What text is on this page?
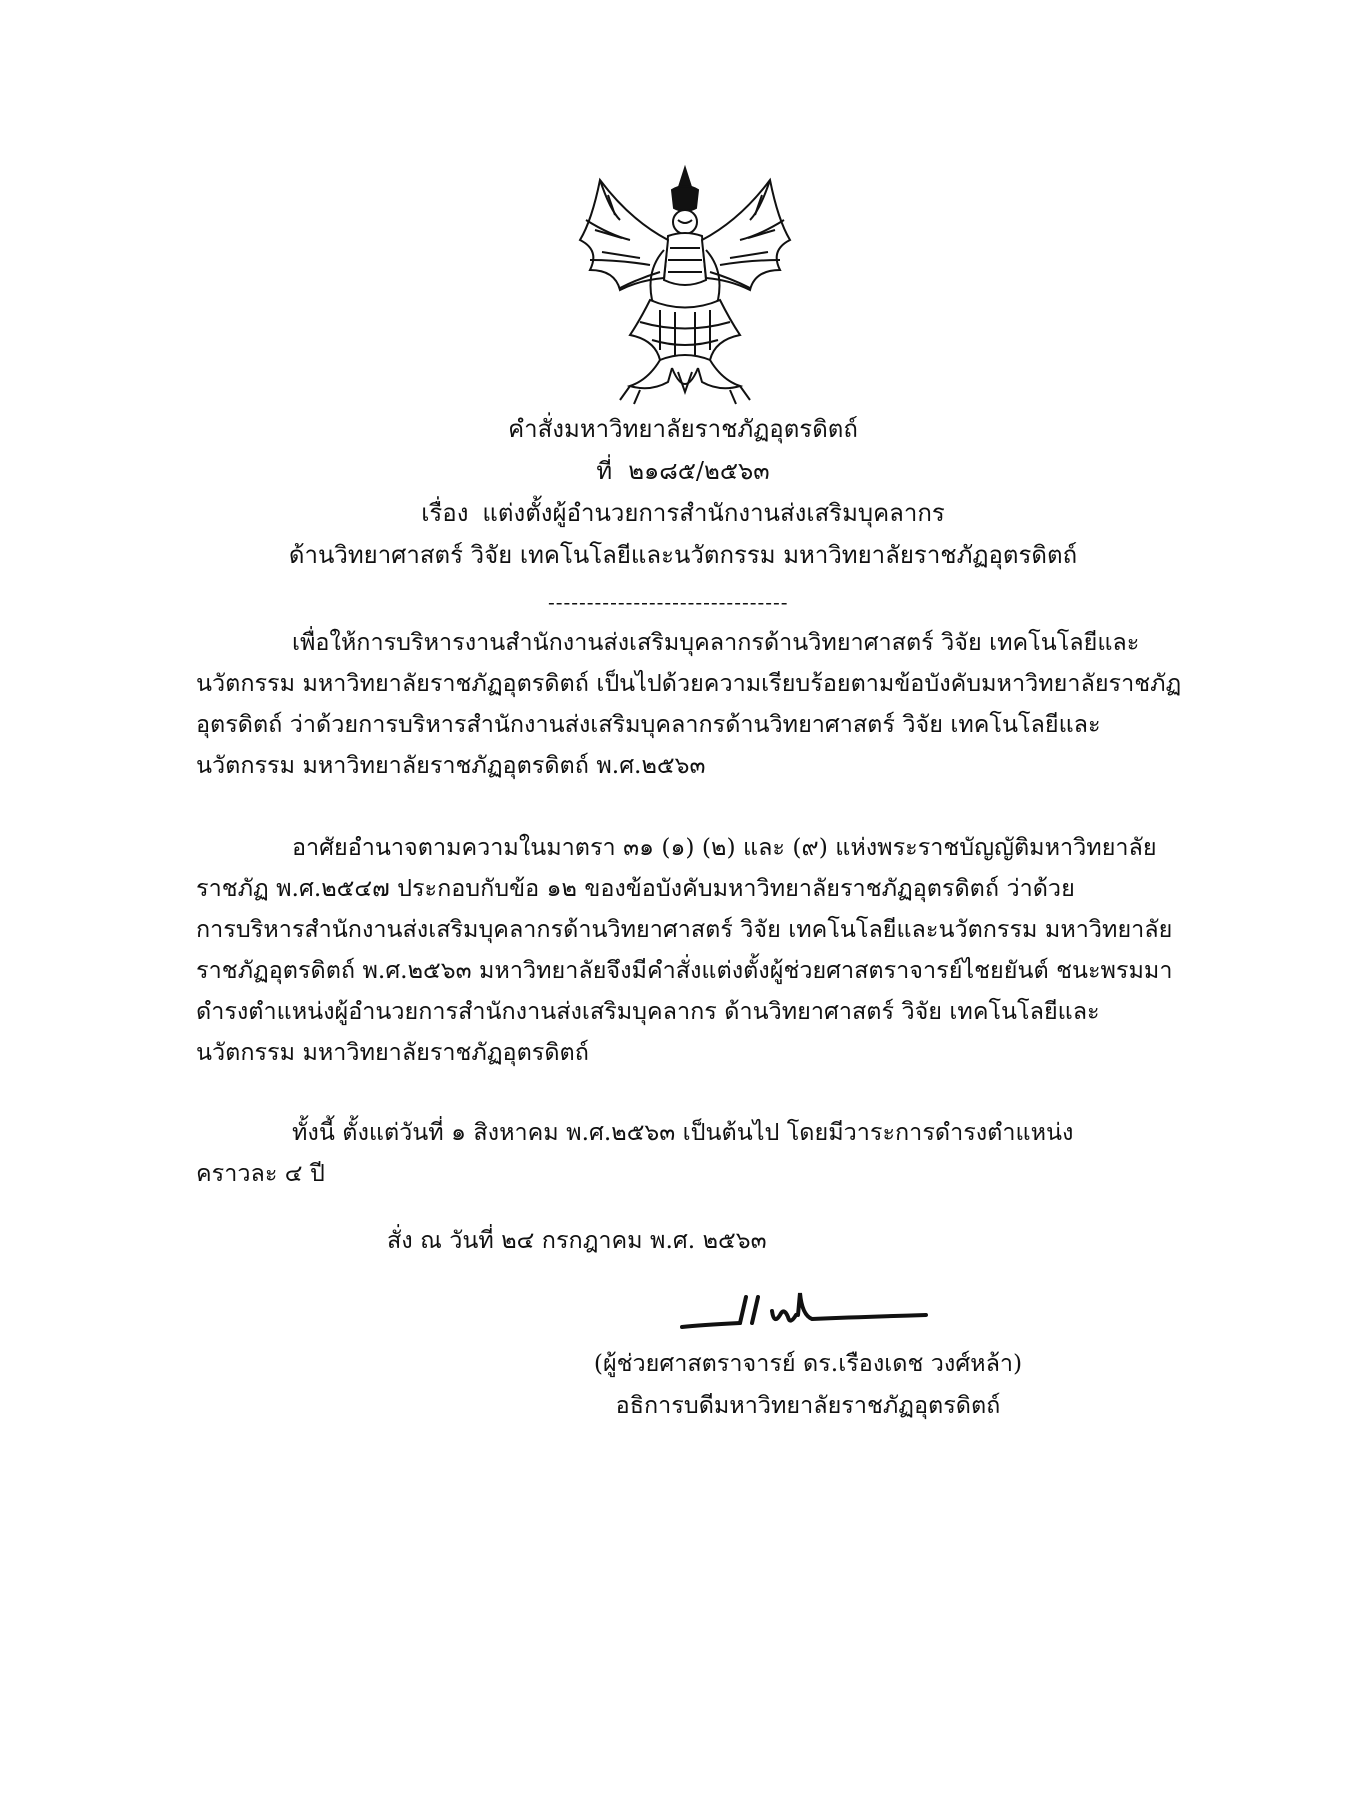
คำสั่งมหาวิทยาลัยราชภัฏอุตรดิตถ์
ที่ ๒๑๘๕/๒๕๖๓
เรื่อง แต่งตั้งผู้อำนวยการสำนักงานส่งเสริมบุคลากร
ด้านวิทยาศาสตร์ วิจัย เทคโนโลยีและนวัตกรรม มหาวิทยาลัยราชภัฏอุตรดิตถ์
-------------------------------
เพื่อให้การบริหารงานสำนักงานส่งเสริมบุคลากรด้านวิทยาศาสตร์ วิจัย เทคโนโลยีและ
นวัตกรรม มหาวิทยาลัยราชภัฏอุตรดิตถ์ เป็นไปด้วยความเรียบร้อยตามข้อบังคับมหาวิทยาลัยราชภัฏ
อุตรดิตถ์ ว่าด้วยการบริหารสำนักงานส่งเสริมบุคลากรด้านวิทยาศาสตร์ วิจัย เทคโนโลยีและ
นวัตกรรม มหาวิทยาลัยราชภัฏอุตรดิตถ์ พ.ศ.๒๕๖๓
อาศัยอำนาจตามความในมาตรา ๓๑ (๑) (๒) และ (๙) แห่งพระราชบัญญัติมหาวิทยาลัย
ราชภัฏ พ.ศ.๒๕๔๗ ประกอบกับข้อ ๑๒ ของข้อบังคับมหาวิทยาลัยราชภัฏอุตรดิตถ์ ว่าด้วย
การบริหารสำนักงานส่งเสริมบุคลากรด้านวิทยาศาสตร์ วิจัย เทคโนโลยีและนวัตกรรม มหาวิทยาลัย
ราชภัฏอุตรดิตถ์ พ.ศ.๒๕๖๓ มหาวิทยาลัยจึงมีคำสั่งแต่งตั้งผู้ช่วยศาสตราจารย์ไชยยันต์ ชนะพรมมา
ดำรงตำแหน่งผู้อำนวยการสำนักงานส่งเสริมบุคลากร ด้านวิทยาศาสตร์ วิจัย เทคโนโลยีและ
นวัตกรรม มหาวิทยาลัยราชภัฏอุตรดิตถ์
ทั้งนี้ ตั้งแต่วันที่ ๑ สิงหาคม พ.ศ.๒๕๖๓ เป็นต้นไป โดยมีวาระการดำรงตำแหน่ง
คราวละ ๔ ปี
สั่ง ณ วันที่ ๒๔ กรกฎาคม พ.ศ. ๒๕๖๓
(ผู้ช่วยศาสตราจารย์ ดร.เรืองเดช วงศ์หล้า)
อธิการบดีมหาวิทยาลัยราชภัฏอุตรดิตถ์
